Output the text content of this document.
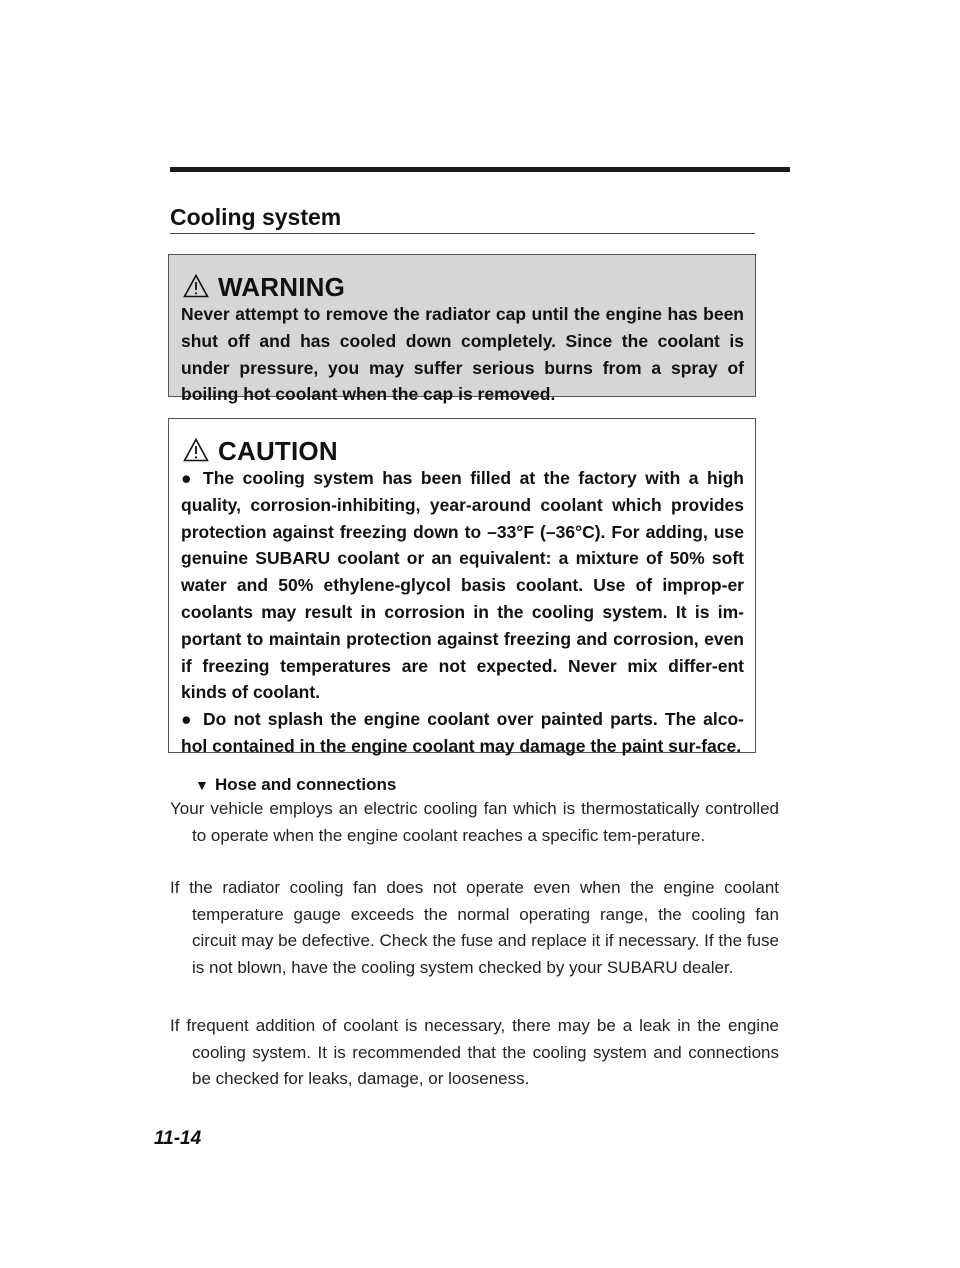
Cooling system
WARNING

Never attempt to remove the radiator cap until the engine has been shut off and has cooled down completely. Since the coolant is under pressure, you may suffer serious burns from a spray of boiling hot coolant when the cap is removed.

CAUTION

● The cooling system has been filled at the factory with a high quality, corrosion-inhibiting, year-around coolant which provides protection against freezing down to –33°F (–36°C). For adding, use genuine SUBARU coolant or an equivalent: a mixture of 50% soft water and 50% ethylene-glycol basis coolant. Use of improp-er coolants may result in corrosion in the cooling system. It is im-portant to maintain protection against freezing and corrosion, even if freezing temperatures are not expected. Never mix differ-ent kinds of coolant.

● Do not splash the engine coolant over painted parts. The alco-hol contained in the engine coolant may damage the paint sur-face.

▼ Hose and connections

Your vehicle employs an electric cooling fan which is thermostatically controlled to operate when the engine coolant reaches a specific tem-perature.

If the radiator cooling fan does not operate even when the engine coolant temperature gauge exceeds the normal operating range, the cooling fan circuit may be defective. Check the fuse and replace it if necessary. If the fuse is not blown, have the cooling system checked by your SUBARU dealer.

If frequent addition of coolant is necessary, there may be a leak in the engine cooling system. It is recommended that the cooling system and connections be checked for leaks, damage, or looseness.

11-14
